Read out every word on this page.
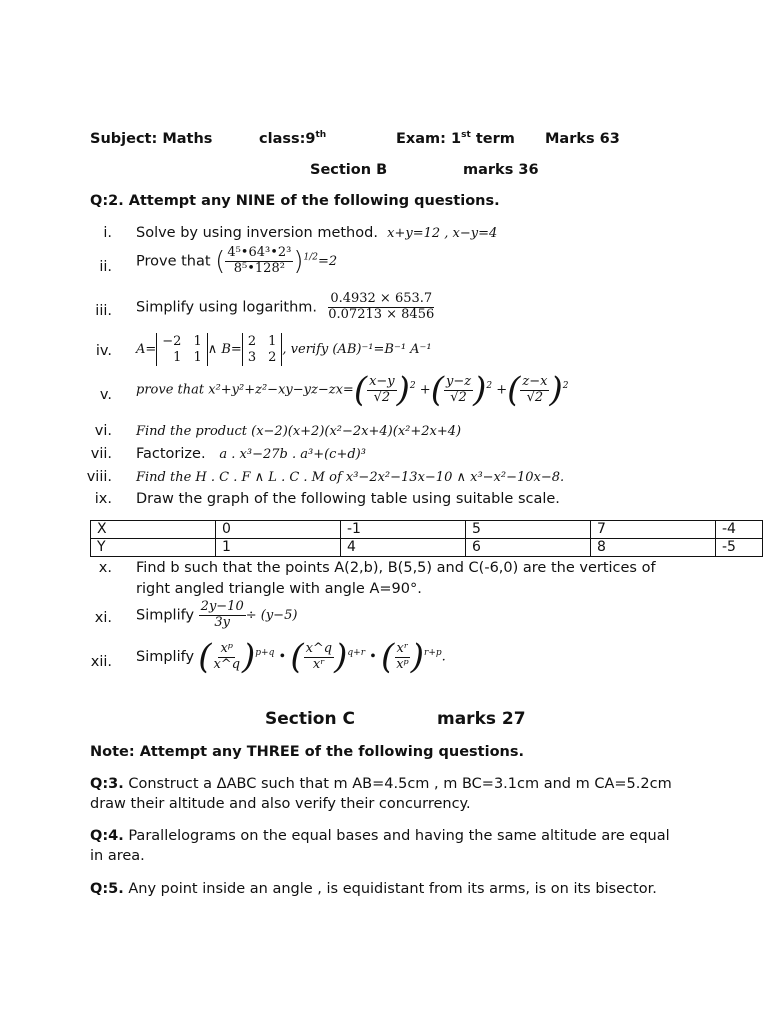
Subject: Maths	class:9th	Exam: 1st term Marks 63
Section B	marks 36
Q:2. Attempt any NINE of the following questions.
i. Solve by using inversion method. x+y=12 , x−y=4
ii. Prove that ( $\frac{\text{4⁵•64³•2³}}{\text{8⁵•128²}} )^{1/2}=2$
iii. Simplify using logarithm. $\frac{0.4932 \times 653.7}{0.07213 \times 8456}$
iv. A=
−2 1
1 1 ∧ B=
2 1
3 2 , verify (AB)⁻¹=B⁻¹ A⁻¹
v. prove that $x^2+y^2+z^2-xy-yz-zx=( \frac{x-y}{√2} )^2$ +( $\frac{y-z}{√2} )^2$ +( $\frac{z-x}{√2} )^2$
vi. Find the product (x−2)(x+2)(x²−2x+4)(x²+2x+4)
vii. Factorize. a . x³−27b . a³+(c+d)³
viii. Find the H . C . F ∧ L . C . M of x³−2x²−13x−10 ∧ x³−x²−10x−8.
ix. Draw the graph of the following table using suitable scale.
X	0	-1	5	7	-4
Y	1	4	6	8	-5
x. Find b such that the points A(2,b), B(5,5) and C(-6,0) are the vertices of
right angled triangle with angle A=90°.
xi. Simplify $\frac{2y-10}{3y} \div (y-5)$
xii. Simplify ( $\frac{\text{xᵖ}}{x\^{}q} )^{p+q}$ • ( $\frac{x\^{}q}{\text{xʳ}} )^{q+r}$ • ( $\frac{\text{xʳ}}{\text{xᵖ}} )^{r+p}$.
Section C	marks 27
Note: Attempt any THREE of the following questions.
Q:3. Construct a ΔABC such that m AB=4.5cm , m BC=3.1cm and m CA=5.2cm draw their altitude and also verify their concurrency.
Q:4. Parallelograms on the equal bases and having the same altitude are equal in area.
Q:5. Any point inside an angle , is equidistant from its arms, is on its bisector.
